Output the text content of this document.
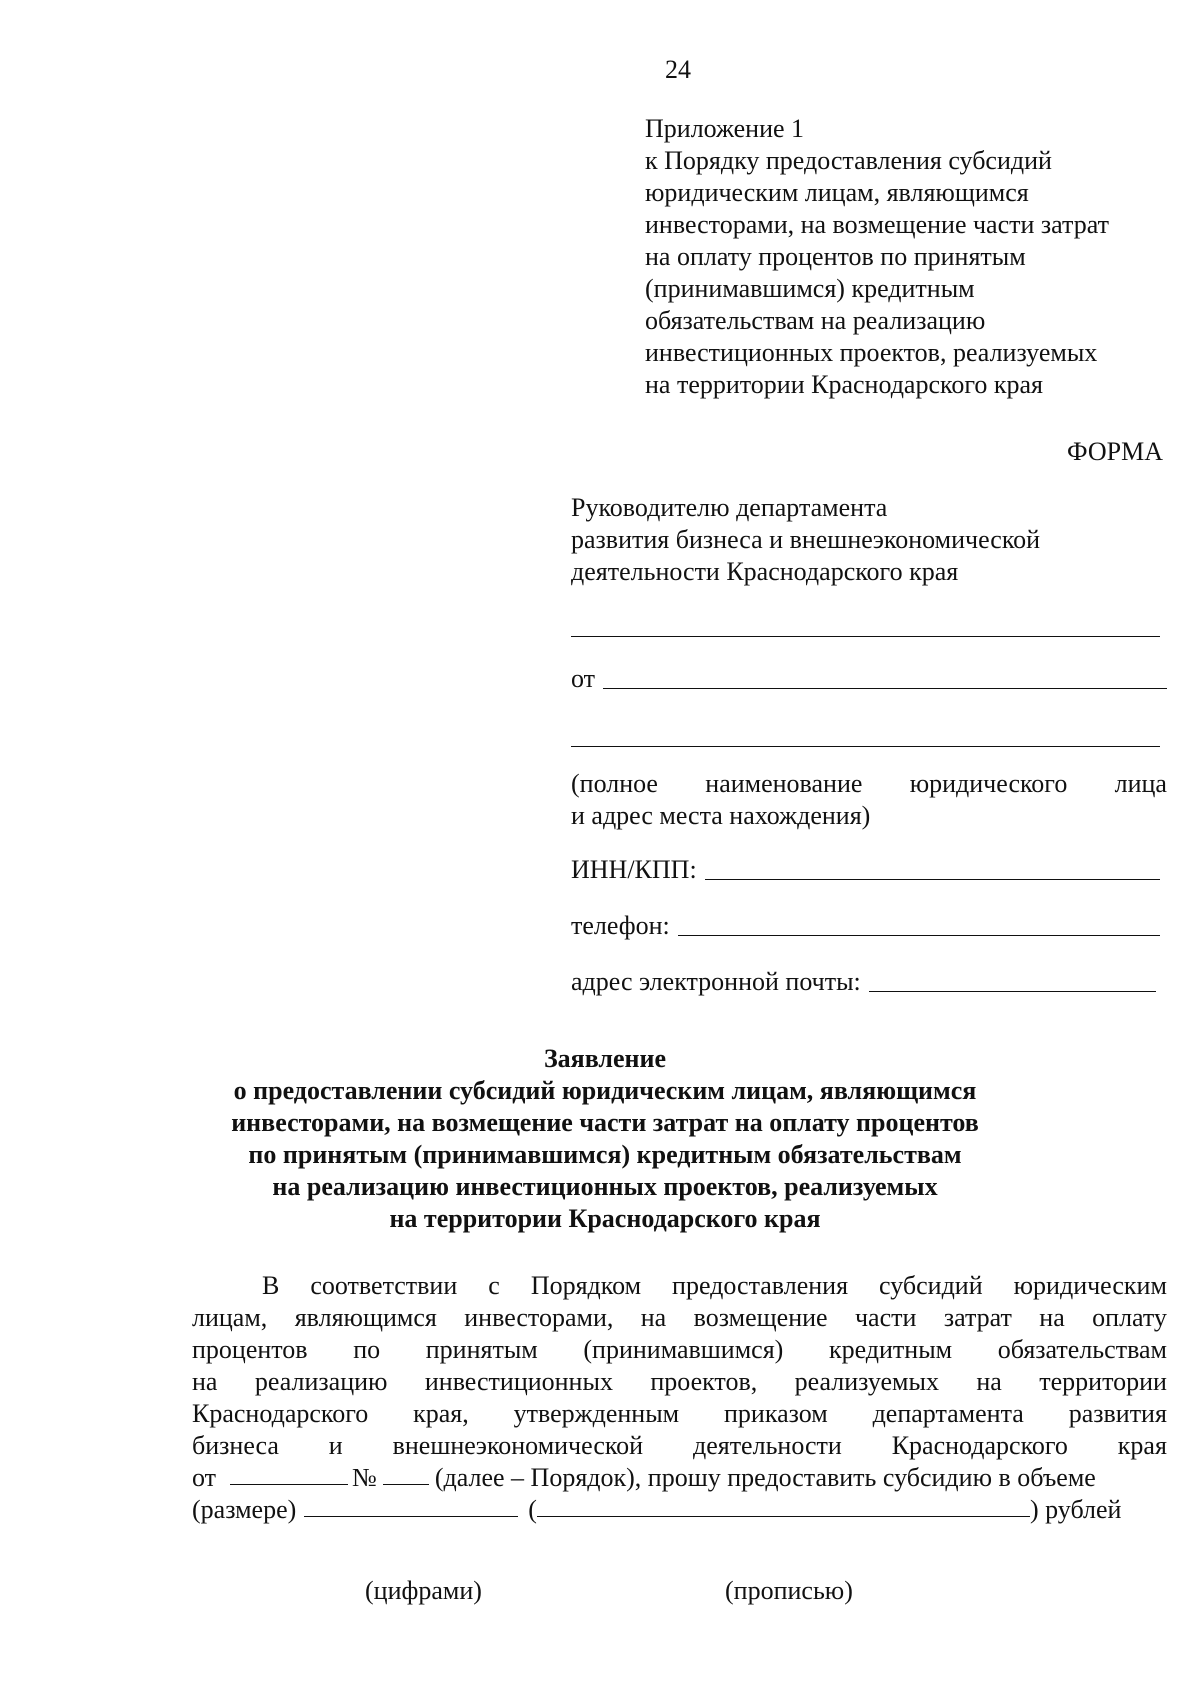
24
Приложение 1
к Порядку предоставления субсидий
юридическим лицам, являющимся
инвесторами, на возмещение части затрат
на оплату процентов по принятым
(принимавшимся) кредитным
обязательствам на реализацию
инвестиционных проектов, реализуемых
на территории Краснодарского края
ФОРМА
Руководителю департамента
развития бизнеса и внешнеэкономической
деятельности Краснодарского края
от
(полное наименование юридического лица
и адрес места нахождения)
ИНН/КПП:
телефон:
адрес электронной почты:
Заявление
о предоставлении субсидий юридическим лицам, являющимся
инвесторами, на возмещение части затрат на оплату процентов
по принятым (принимавшимся) кредитным обязательствам
на реализацию инвестиционных проектов, реализуемых
на территории Краснодарского края
В соответствии с Порядком предоставления субсидий юридическим
лицам, являющимся инвесторами, на возмещение части затрат на оплату
процентов по принятым (принимавшимся) кредитным обязательствам
на реализацию инвестиционных проектов, реализуемых на территории
Краснодарского края, утвержденным приказом департамента развития
бизнеса и внешнеэкономической деятельности Краснодарского края
от	№ (далее – Порядок), прошу предоставить субсидию в объеме
(размере)	(	) рублей
(цифрами)	(прописью)
